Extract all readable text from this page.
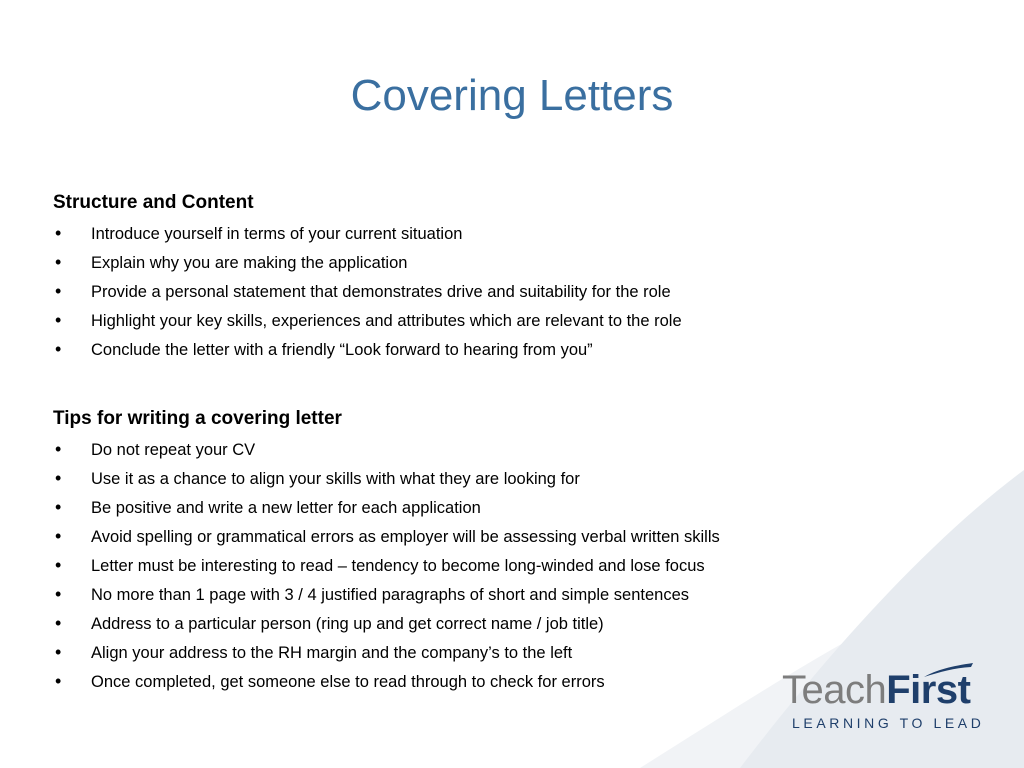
Covering Letters
Structure and Content
• Introduce yourself in terms of your current situation
• Explain why you are making the application
• Provide a personal statement that demonstrates drive and suitability for the role
• Highlight your key skills, experiences and attributes which are relevant to the role
• Conclude the letter with a friendly “Look forward to hearing from you”
Tips for writing a covering letter
• Do not repeat your CV
• Use it as a chance to align your skills with what they are looking for
• Be positive and write a new letter for each application
• Avoid spelling or grammatical errors as employer will be assessing verbal written skills
• Letter must be interesting to read – tendency to become long-winded and lose focus
• No more than 1 page with 3 / 4 justified paragraphs of short and simple sentences
• Address to a particular person (ring up and get correct name / job title)
• Align your address to the RH margin and the company’s to the left
• Once completed, get someone else to read through to check for errors	TeachFirst
LEARNING TO LEAD
